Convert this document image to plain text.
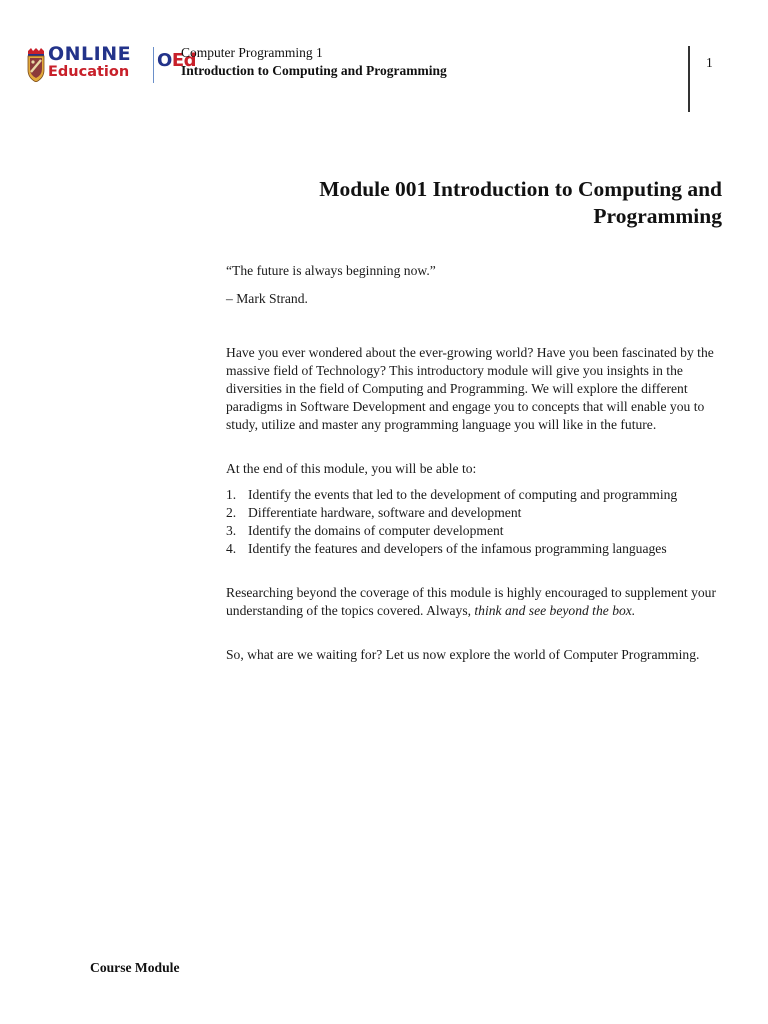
ONLINE
Education
OEd
Computer Programming 1
Introduction to Computing and Programming
1
Module 001 Introduction to Computing and Programming

“The future is always beginning now.”

– Mark Strand.

Have you ever wondered about the ever-growing world? Have you been fascinated by the massive field of Technology? This introductory module will give you insights in the diversities in the field of Computing and Programming. We will explore the different paradigms in Software Development and engage you to concepts that will enable you to study, utilize and master any programming language you will like in the future.

At the end of this module, you will be able to:

1. Identify the events that led to the development of computing and programming
2. Differentiate hardware, software and development
3. Identify the domains of computer development
4. Identify the features and developers of the infamous programming languages

Researching beyond the coverage of this module is highly encouraged to supplement your understanding of the topics covered. Always, think and see beyond the box.

So, what are we waiting for? Let us now explore the world of Computer Programming.

Course Module
